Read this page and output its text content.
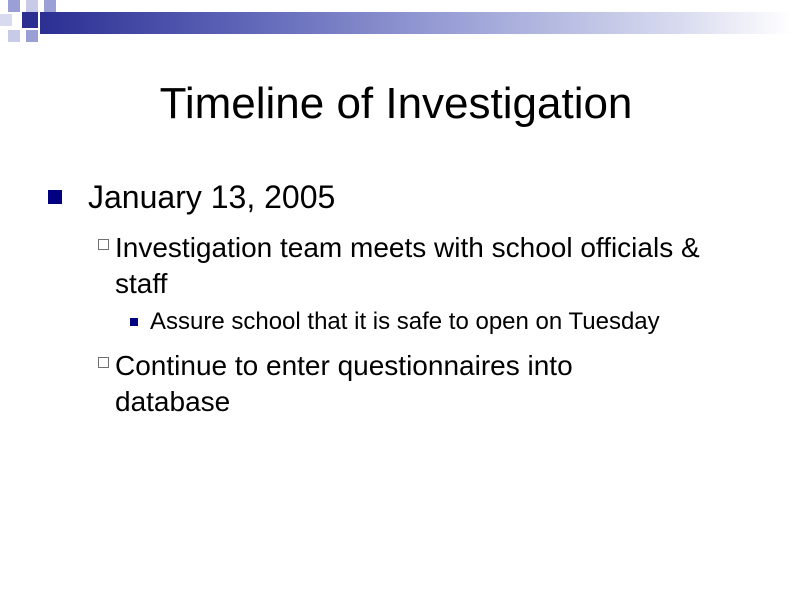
Timeline of Investigation
January 13, 2005
Investigation team meets with school officials & staff
Assure school that it is safe to open on Tuesday
Continue to enter questionnaires into database
